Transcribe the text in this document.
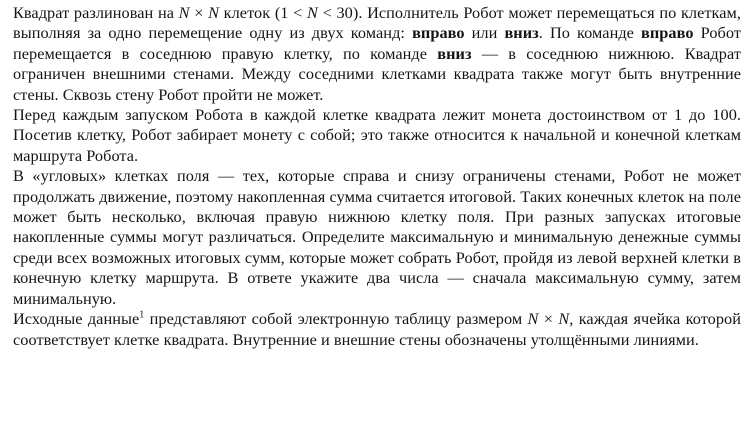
Квадрат разлинован на N × N клеток (1 < N < 30). Исполнитель Робот может перемещаться по клеткам, выполняя за одно перемещение одну из двух команд: вправо или вниз. По команде вправо Робот перемещается в соседнюю правую клетку, по команде вниз — в соседнюю нижнюю. Квадрат ограничен внешними стенами. Между соседними клетками квадрата также могут быть внутренние стены. Сквозь стену Робот пройти не может.

Перед каждым запуском Робота в каждой клетке квадрата лежит монета достоинством от 1 до 100. Посетив клетку, Робот забирает монету с собой; это также относится к начальной и конечной клеткам маршрута Робота.

В «угловых» клетках поля — тех, которые справа и снизу ограничены стенами, Робот не может продолжать движение, поэтому накопленная сумма считается итоговой. Таких конечных клеток на поле может быть несколько, включая правую нижнюю клетку поля. При разных запусках итоговые накопленные суммы могут различаться. Определите максимальную и минимальную денежные суммы среди всех возможных итоговых сумм, которые может собрать Робот, пройдя из левой верхней клетки в конечную клетку маршрута. В ответе укажите два числа — сначала максимальную сумму, затем минимальную.

Исходные данные$^1$ представляют собой электронную таблицу размером N × N, каждая ячейка которой соответствует клетке квадрата. Внутренние и внешние стены обозначены утолщёнными линиями.
